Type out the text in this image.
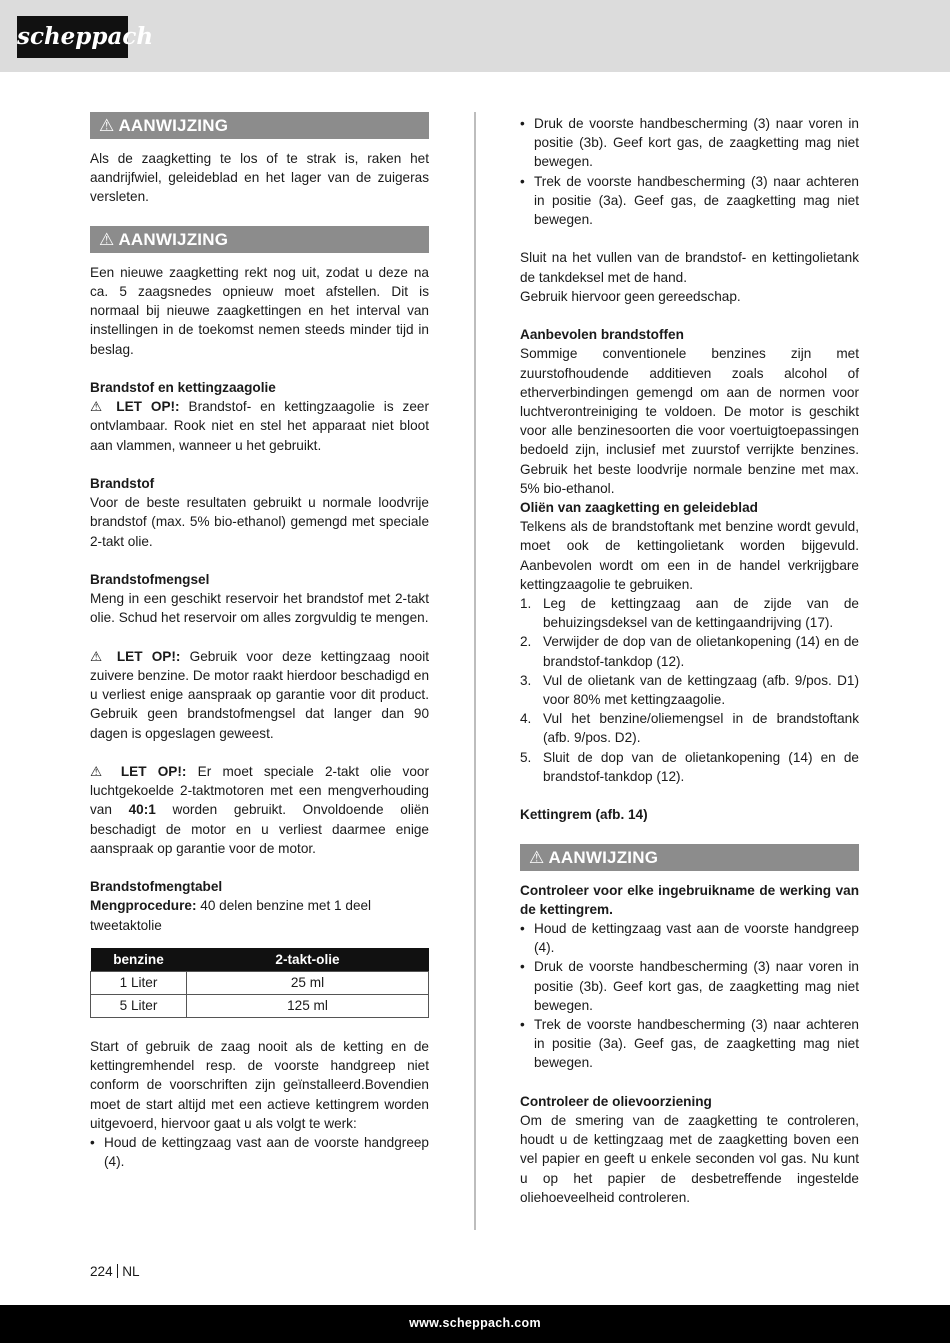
scheppach
⚠ AANWIJZING

Als de zaagketting te los of te strak is, raken het aandrijfwiel, geleideblad en het lager van de zuigeras versleten.

⚠ AANWIJZING

Een nieuwe zaagketting rekt nog uit, zodat u deze na ca. 5 zaagsnedes opnieuw moet afstellen. Dit is normaal bij nieuwe zaagkettingen en het interval van instellingen in de toekomst nemen steeds minder tijd in beslag.

Brandstof en kettingzaagolie

⚠ LET OP!: Brandstof- en kettingzaagolie is zeer ontvlambaar. Rook niet en stel het apparaat niet bloot aan vlammen, wanneer u het gebruikt.

Brandstof

Voor de beste resultaten gebruikt u normale loodvrije brandstof (max. 5% bio-ethanol) gemengd met speciale 2-takt olie.

Brandstofmengsel

Meng in een geschikt reservoir het brandstof met 2-takt olie. Schud het reservoir om alles zorgvuldig te mengen.

⚠ LET OP!: Gebruik voor deze kettingzaag nooit zuivere benzine. De motor raakt hierdoor beschadigd en u verliest enige aanspraak op garantie voor dit product. Gebruik geen brandstofmengsel dat langer dan 90 dagen is opgeslagen geweest.

⚠ LET OP!: Er moet speciale 2-takt olie voor luchtgekoelde 2-taktmotoren met een mengverhouding van 40:1 worden gebruikt. Onvoldoende oliën beschadigt de motor en u verliest daarmee enige aanspraak op garantie voor de motor.

Brandstofmengtabel

Mengprocedure: 40 delen benzine met 1 deel tweetaktolie

benzine	2-takt-olie
1 Liter	25 ml
5 Liter	125 ml

Start of gebruik de zaag nooit als de ketting en de kettingremhendel resp. de voorste handgreep niet conform de voorschriften zijn geïnstalleerd.Bovendien moet de start altijd met een actieve kettingrem worden uitgevoerd, hiervoor gaat u als volgt te werk:

• Houd de kettingzaag vast aan de voorste handgreep (4).
• Druk de voorste handbescherming (3) naar voren in positie (3b). Geef kort gas, de zaagketting mag niet bewegen.
• Trek de voorste handbescherming (3) naar achteren in positie (3a). Geef gas, de zaagketting mag niet bewegen.

Sluit na het vullen van de brandstof- en kettingolietank de tankdeksel met de hand.

Gebruik hiervoor geen gereedschap.

Aanbevolen brandstoffen

Sommige conventionele benzines zijn met zuurstofhoudende additieven zoals alcohol of etherverbindingen gemengd om aan de normen voor luchtverontreiniging te voldoen. De motor is geschikt voor alle benzinesoorten die voor voertuigtoepassingen bedoeld zijn, inclusief met zuurstof verrijkte benzines. Gebruik het beste loodvrije normale benzine met max. 5% bio-ethanol.

Oliën van zaagketting en geleideblad

Telkens als de brandstoftank met benzine wordt gevuld, moet ook de kettingolietank worden bijgevuld. Aanbevolen wordt om een in de handel verkrijgbare kettingzaagolie te gebruiken.

1. Leg de kettingzaag aan de zijde van de behuizingsdeksel van de kettingaandrijving (17).
2. Verwijder de dop van de olietankopening (14) en de brandstof-tankdop (12).
3. Vul de olietank van de kettingzaag (afb. 9/pos. D1) voor 80% met kettingzaagolie.
4. Vul het benzine/oliemengsel in de brandstoftank (afb. 9/pos. D2).
5. Sluit de dop van de olietankopening (14) en de brandstof-tankdop (12).

Kettingrem (afb. 14)

⚠ AANWIJZING

Controleer voor elke ingebruikname de werking van de kettingrem.

• Houd de kettingzaag vast aan de voorste handgreep (4).
• Druk de voorste handbescherming (3) naar voren in positie (3b). Geef kort gas, de zaagketting mag niet bewegen.
• Trek de voorste handbescherming (3) naar achteren in positie (3a). Geef gas, de zaagketting mag niet bewegen.

Controleer de olievoorziening

Om de smering van de zaagketting te controleren, houdt u de kettingzaag met de zaagketting boven een vel papier en geeft u enkele seconden vol gas. Nu kunt u op het papier de desbetreffende ingestelde oliehoeveelheid controleren.

224 NL
www.scheppach.com
